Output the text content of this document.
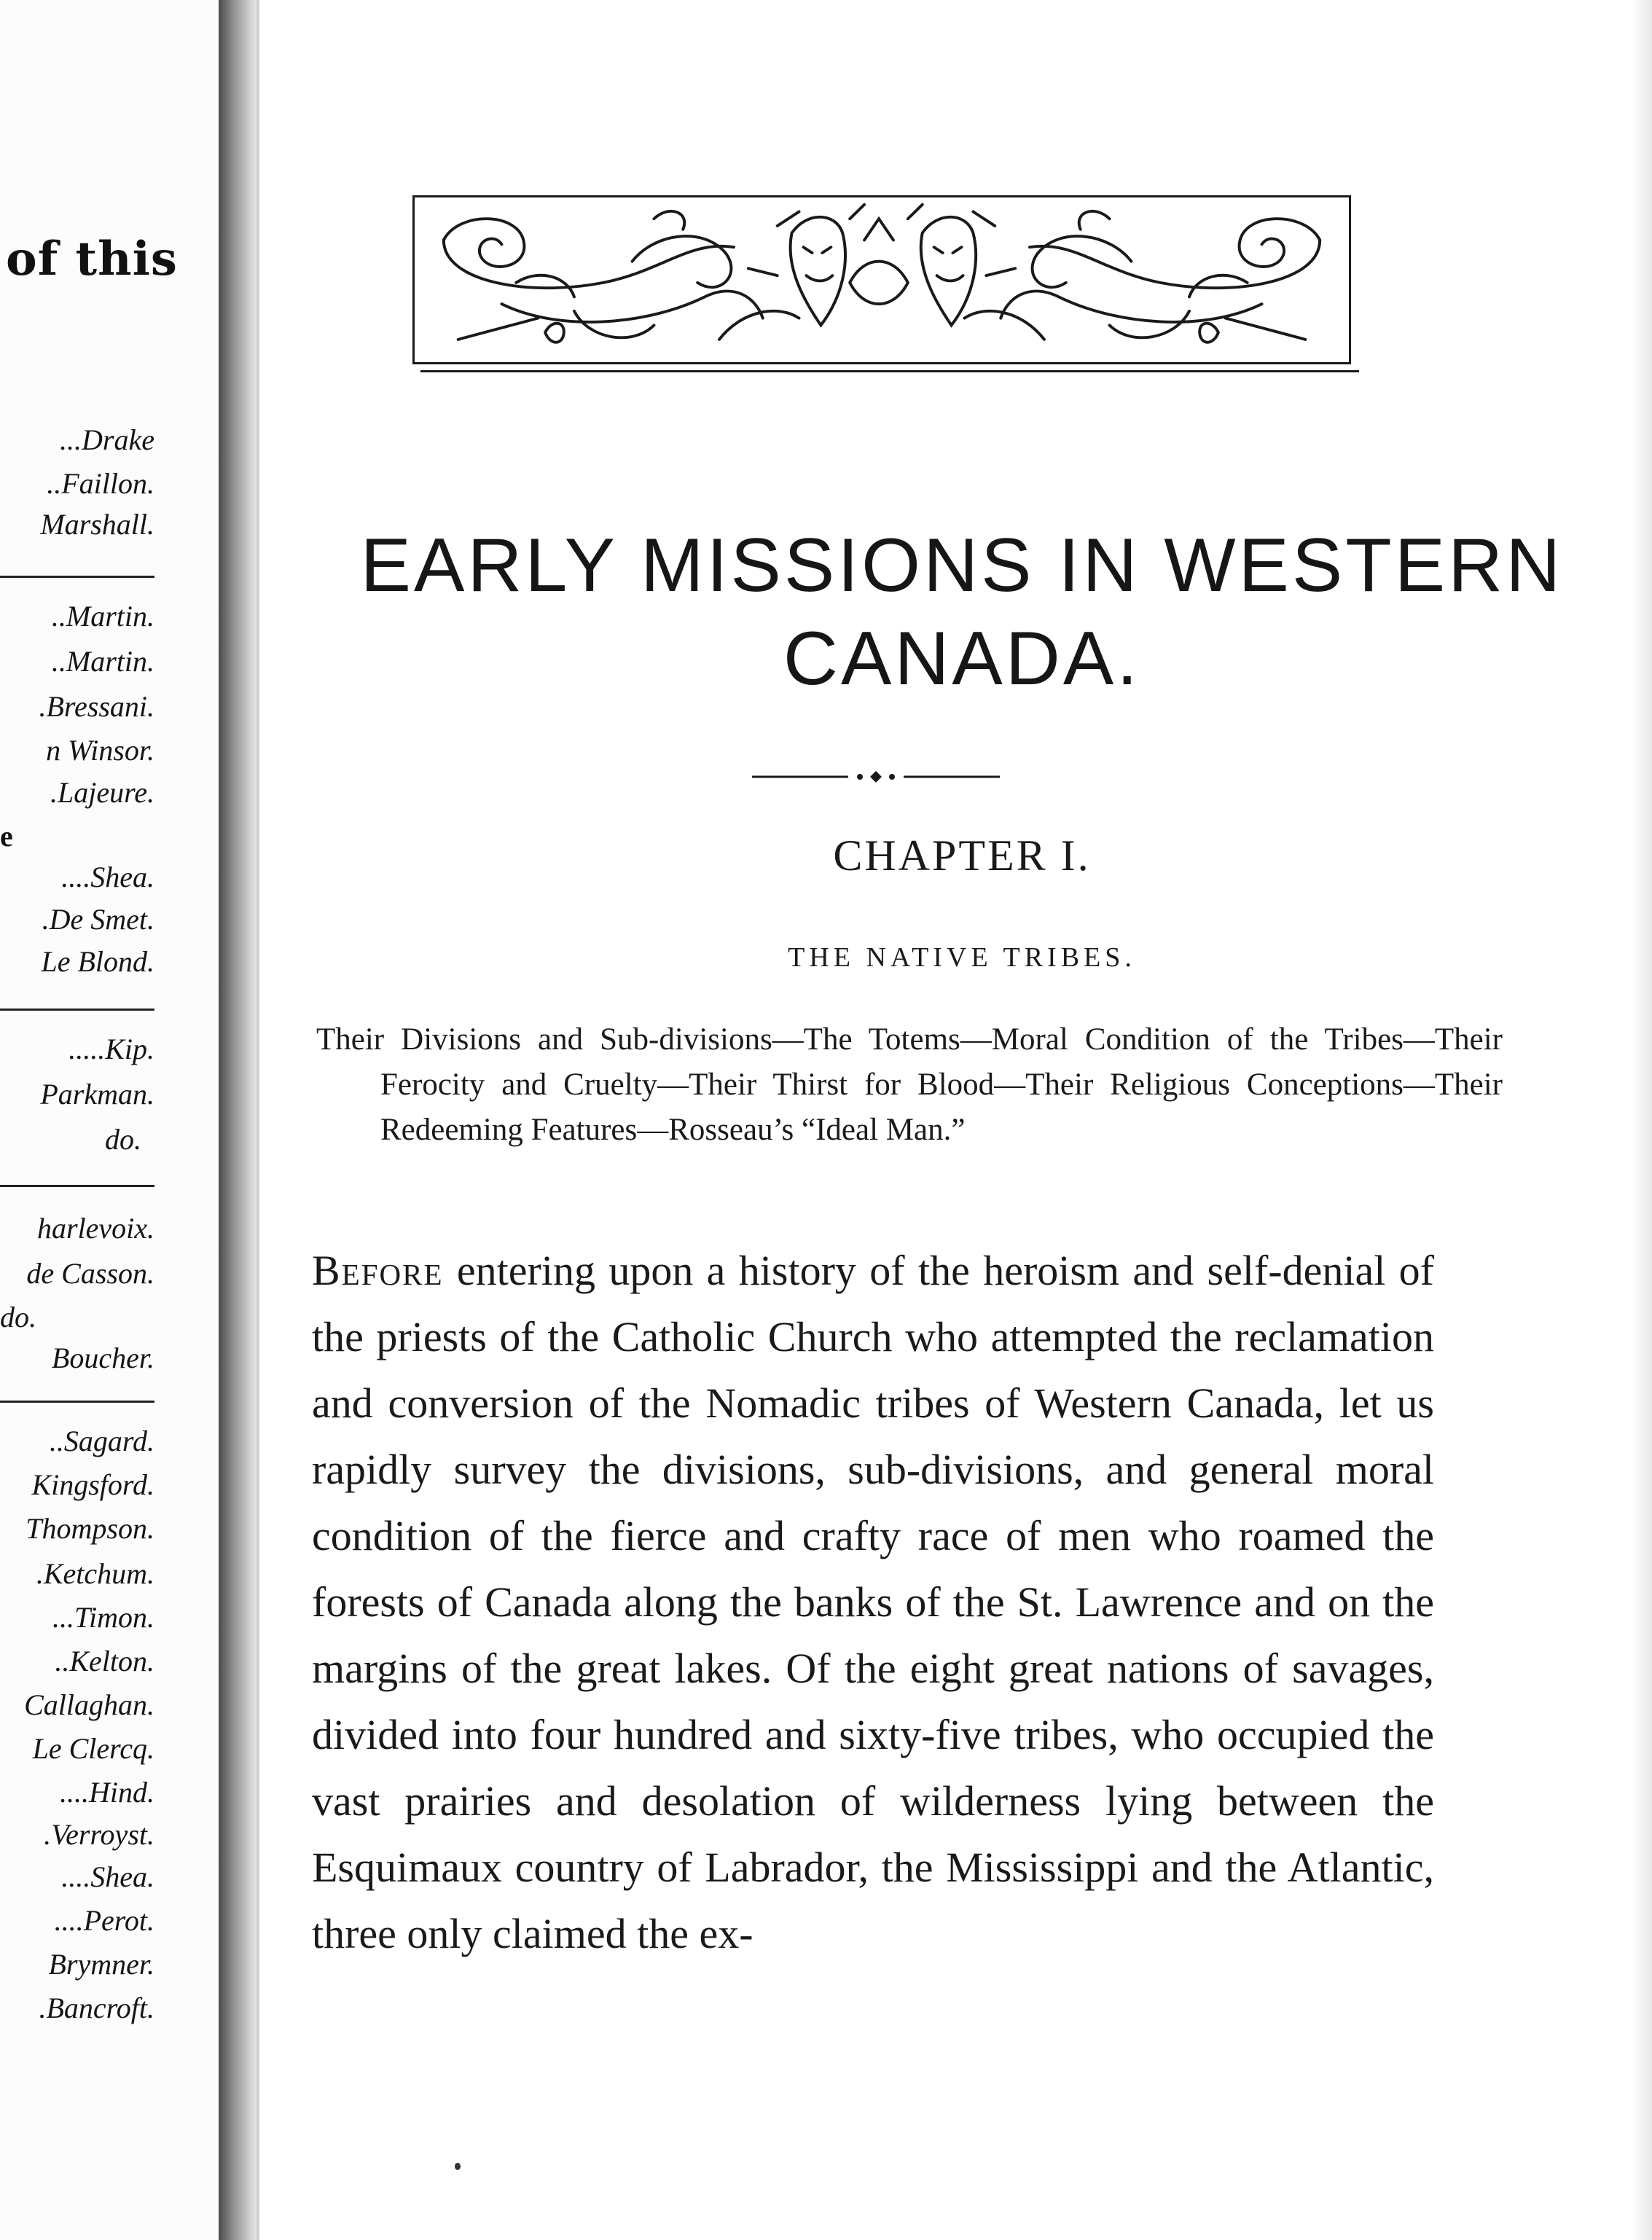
of this
...Drake
..Faillon.
Marshall.
..Martin.
..Martin.
.Bressani.
n Winsor.
.Lajeure.
e
....Shea.
.De Smet.
Le Blond.
.....Kip.
Parkman.
do.
harlevoix.
de Casson.
do.
Boucher.
..Sagard.
Kingsford.
Thompson.
.Ketchum.
...Timon.
..Kelton.
Callaghan.
Le Clercq.
....Hind.
.Verroyst.
....Shea.
....Perot.
Brymner.
.Bancroft.
EARLY MISSIONS IN WESTERN
CANADA.
CHAPTER I.
THE NATIVE TRIBES.
Their Divisions and Sub-divisions—The Totems—Moral Condition of the Tribes—Their Ferocity and Cruelty—Their Thirst for Blood—Their Religious Conceptions—Their Redeeming Features—Rosseau’s “Ideal Man.”
Before entering upon a history of the heroism and self-denial of the priests of the Catholic Church who attempted the reclamation and conversion of the Nomadic tribes of Western Canada, let us rapidly survey the divisions, sub-divisions, and general moral condition of the fierce and crafty race of men who roamed the forests of Canada along the banks of the St. Lawrence and on the margins of the great lakes. Of the eight great nations of savages, divided into four hundred and sixty-five tribes, who occupied the vast prairies and desolation of wilderness lying between the Esquimaux country of Labrador, the Mississippi and the Atlantic, three only claimed the ex-
